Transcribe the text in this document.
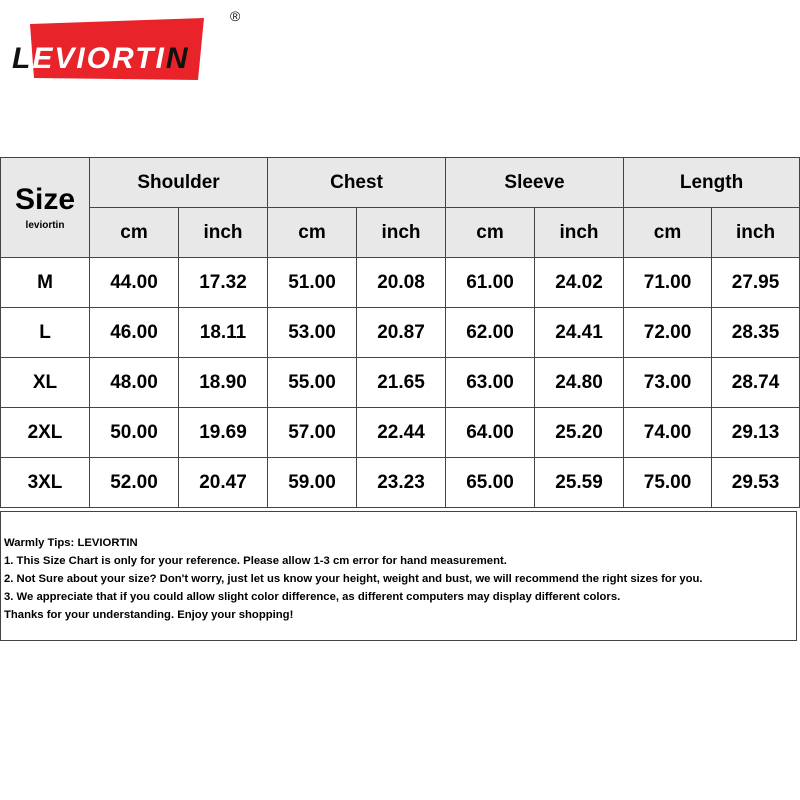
LEVIORTIN
®
Size
leviortin	Shoulder		Chest		Sleeve		Length	
	cm	inch	cm	inch	cm	inch	cm	inch
M	44.00	17.32	51.00	20.08	61.00	24.02	71.00	27.95
L	46.00	18.11	53.00	20.87	62.00	24.41	72.00	28.35
XL	48.00	18.90	55.00	21.65	63.00	24.80	73.00	28.74
2XL	50.00	19.69	57.00	22.44	64.00	25.20	74.00	29.13
3XL	52.00	20.47	59.00	23.23	65.00	25.59	75.00	29.53
Warmly Tips: LEVIORTIN
1. This Size Chart is only for your reference. Please allow 1-3 cm error for hand measurement.
2. Not Sure about your size? Don't worry, just let us know your height, weight and bust, we will recommend the right sizes for you.
3. We appreciate that if you could allow slight color difference, as different computers may display different colors.
Thanks for your understanding. Enjoy your shopping!
